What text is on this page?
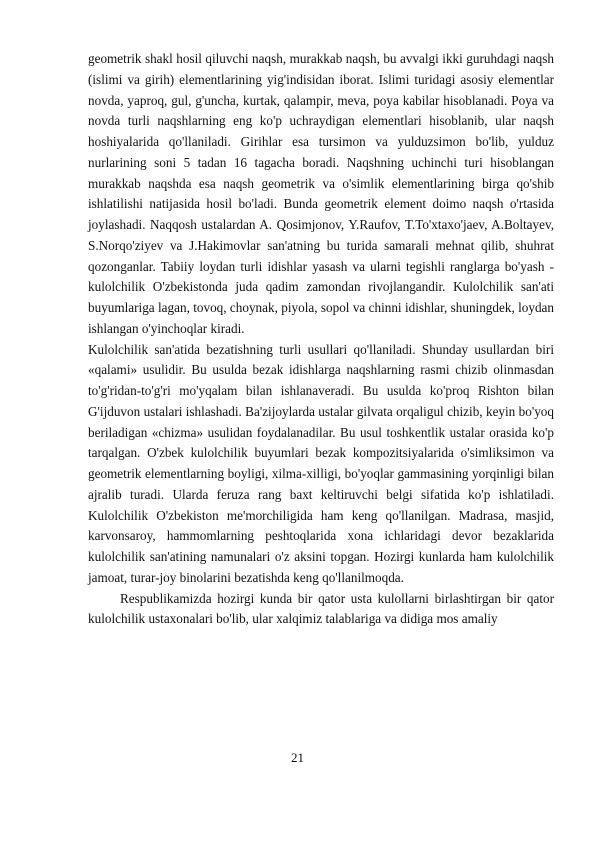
geometrik shakl hosil qiluvchi naqsh, murakkab naqsh, bu avvalgi ikki guruhdagi naqsh (islimi va girih) elementlarining yig'indisidan iborat. Islimi turidagi asosiy elementlar novda, yaproq, gul, g'uncha, kurtak, qalampir, meva, poya kabilar hisoblanadi. Poya va novda turli naqshlarning eng ko'p uchraydigan elementlari hisoblanib, ular naqsh hoshiyalarida qo'llaniladi. Girihlar esa tursimon va yulduzsimon bo'lib, yulduz nurlarining soni 5 tadan 16 tagacha boradi. Naqshning uchinchi turi hisoblangan murakkab naqshda esa naqsh geometrik va o'simlik elementlarining birga qo'shib ishlatilishi natijasida hosil bo'ladi. Bunda geometrik element doimo naqsh o'rtasida joylashadi. Naqqosh ustalardan A. Qosimjonov, Y.Raufov, T.To'xtaxo'jaev, A.Boltayev, S.Norqo'ziyev va J.Hakimovlar san'atning bu turida samarali mehnat qilib, shuhrat qozonganlar. Tabiiy loydan turli idishlar yasash va ularni tegishli ranglarga bo'yash - kulolchilik O'zbekistonda juda qadim zamondan rivojlangandir. Kulolchilik san'ati buyumlariga lagan, tovoq, choynak, piyola, sopol va chinni idishlar, shuningdek, loydan ishlangan o'yinchoqlar kiradi.

Kulolchilik san'atida bezatishning turli usullari qo'llaniladi. Shunday usullardan biri «qalami» usulidir. Bu usulda bezak idishlarga naqshlarning rasmi chizib olinmasdan to'g'ridan-to'g'ri mo'yqalam bilan ishlanaveradi. Bu usulda ko'proq Rishton bilan G'ijduvon ustalari ishlashadi. Ba'zijoylarda ustalar gilvata orqaligul chizib, keyin bo'yoq beriladigan «chizma» usulidan foydalanadilar. Bu usul toshkentlik ustalar orasida ko'p tarqalgan. O'zbek kulolchilik buyumlari bezak kompozitsiyalarida o'simliksimon va geometrik elementlarning boyligi, xilma-xilligi, bo'yoqlar gammasining yorqinligi bilan ajralib turadi. Ularda feruza rang baxt keltiruvchi belgi sifatida ko'p ishlatiladi. Kulolchilik O'zbekiston me'morchiligida ham keng qo'llanilgan. Madrasa, masjid, karvonsaroy, hammomlarning peshtoqlarida xona ichlaridagi devor bezaklarida kulolchilik san'atining namunalari o'z aksini topgan. Hozirgi kunlarda ham kulolchilik jamoat, turar-joy binolarini bezatishda keng qo'llanilmoqda.

Respublikamizda hozirgi kunda bir qator usta kulollarni birlashtirgan bir qator kulolchilik ustaxonalari bo'lib, ular xalqimiz talablariga va didiga mos amaliy

21
